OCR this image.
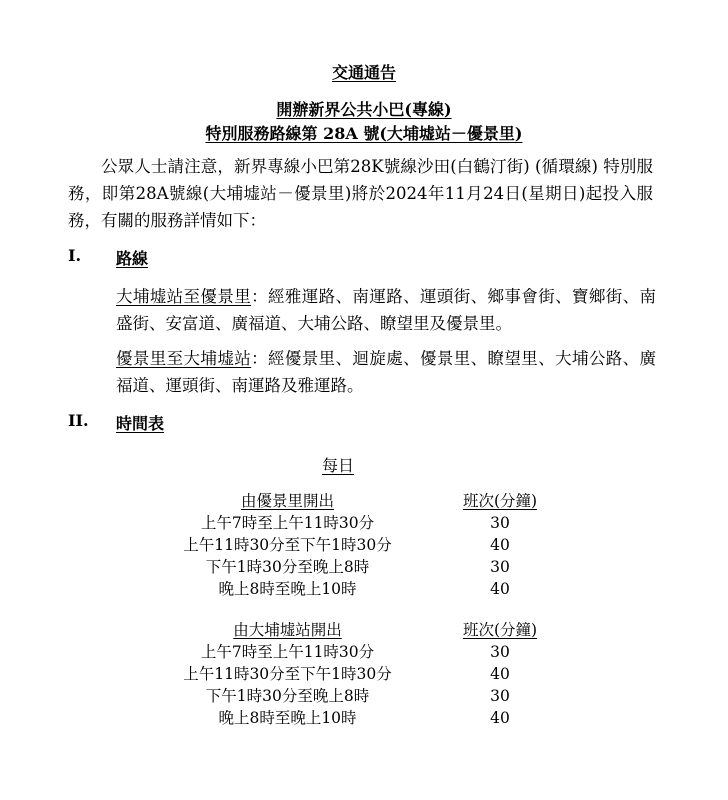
交通通告
開辦新界公共小巴(專線)
特別服務路線第 28A 號(大埔墟站－優景里)
公眾人士請注意，新界專線小巴第28K號線沙田(白鶴汀街) (循環線) 特別服務，即第28A號線(大埔墟站－優景里)將於2024年11月24日(星期日)起投入服務，有關的服務詳情如下：
I. 路線
大埔墟站至優景里：經雅運路、南運路、運頭街、鄉事會街、寶鄉街、南盛街、安富道、廣福道、大埔公路、瞭望里及優景里。
優景里至大埔墟站：經優景里、迴旋處、優景里、瞭望里、大埔公路、廣福道、運頭街、南運路及雅運路。
II. 時間表
每日
由優景里開出	班次(分鐘)
上午7時至上午11時30分	30
上午11時30分至下午1時30分	40
下午1時30分至晚上8時	30
晚上8時至晚上10時	40
由大埔墟站開出	班次(分鐘)
上午7時至上午11時30分	30
上午11時30分至下午1時30分	40
下午1時30分至晚上8時	30
晚上8時至晚上10時	40
